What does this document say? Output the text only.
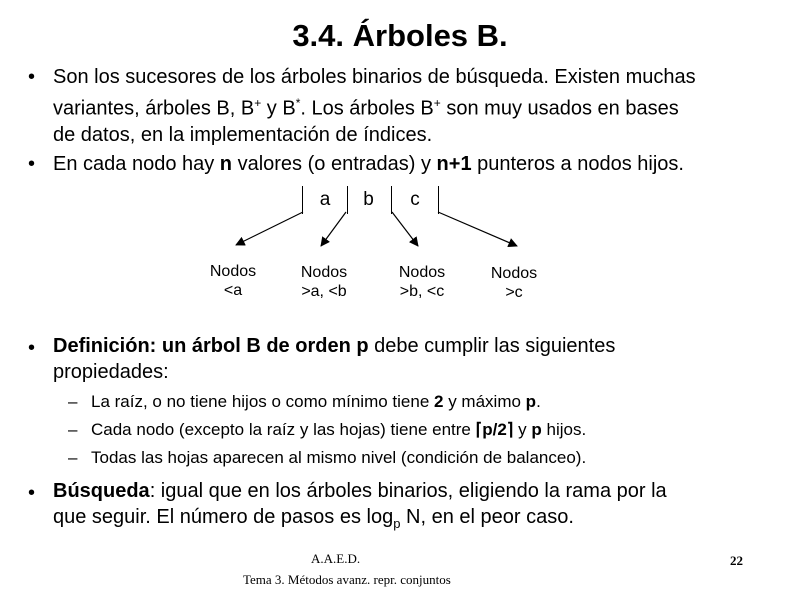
3.4. Árboles B.
• Son los sucesores de los árboles binarios de búsqueda. Existen muchas
variantes, árboles B, B+ y B*. Los árboles B+ son muy usados en bases
de datos, en la implementación de índices.
• En cada nodo hay n valores (o entradas) y n+1 punteros a nodos hijos.
a	b	c
Nodos
<a
Nodos
>a, <b
Nodos
>b, <c
Nodos
>c
• Definición: un árbol B de orden p debe cumplir las siguientes
propiedades:
– La raíz, o no tiene hijos o como mínimo tiene 2 y máximo p.
– Cada nodo (excepto la raíz y las hojas) tiene entre ⌈p/2⌉ y p hijos.
– Todas las hojas aparecen al mismo nivel (condición de balanceo).
• Búsqueda: igual que en los árboles binarios, eligiendo la rama por la
que seguir. El número de pasos es $\log_p N$, en el peor caso.
A.A.E.D.
Tema 3. Métodos avanz. repr. conjuntos
22
